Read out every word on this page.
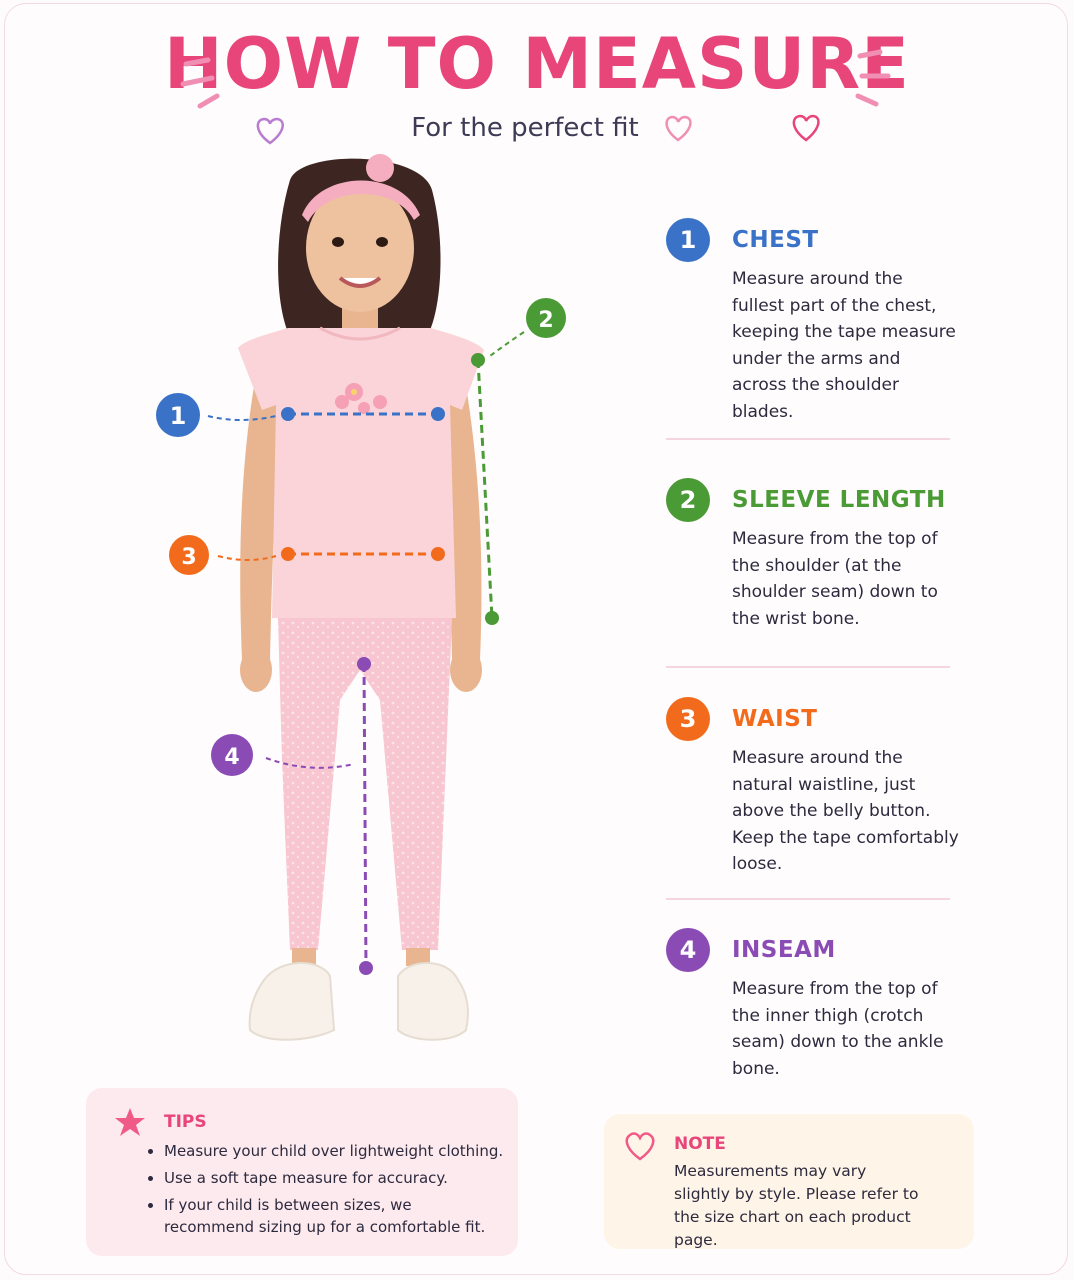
HOW TO MEASURE
For the perfect fit
1
2
3
4
1	CHEST
Measure around the fullest part of the chest, keeping the tape measure under the arms and across the shoulder blades.
2	SLEEVE LENGTH
Measure from the top of the shoulder (at the shoulder seam) down to the wrist bone.
3	WAIST
Measure around the natural waistline, just above the belly button. Keep the tape comfortably loose.
4	INSEAM
Measure from the top of the inner thigh (crotch seam) down to the ankle bone.
TIPS
• Measure your child over lightweight clothing.
• Use a soft tape measure for accuracy.
• If your child is between sizes, we recommend sizing up for a comfortable fit.
NOTE
Measurements may vary slightly by style. Please refer to the size chart on each product page.
